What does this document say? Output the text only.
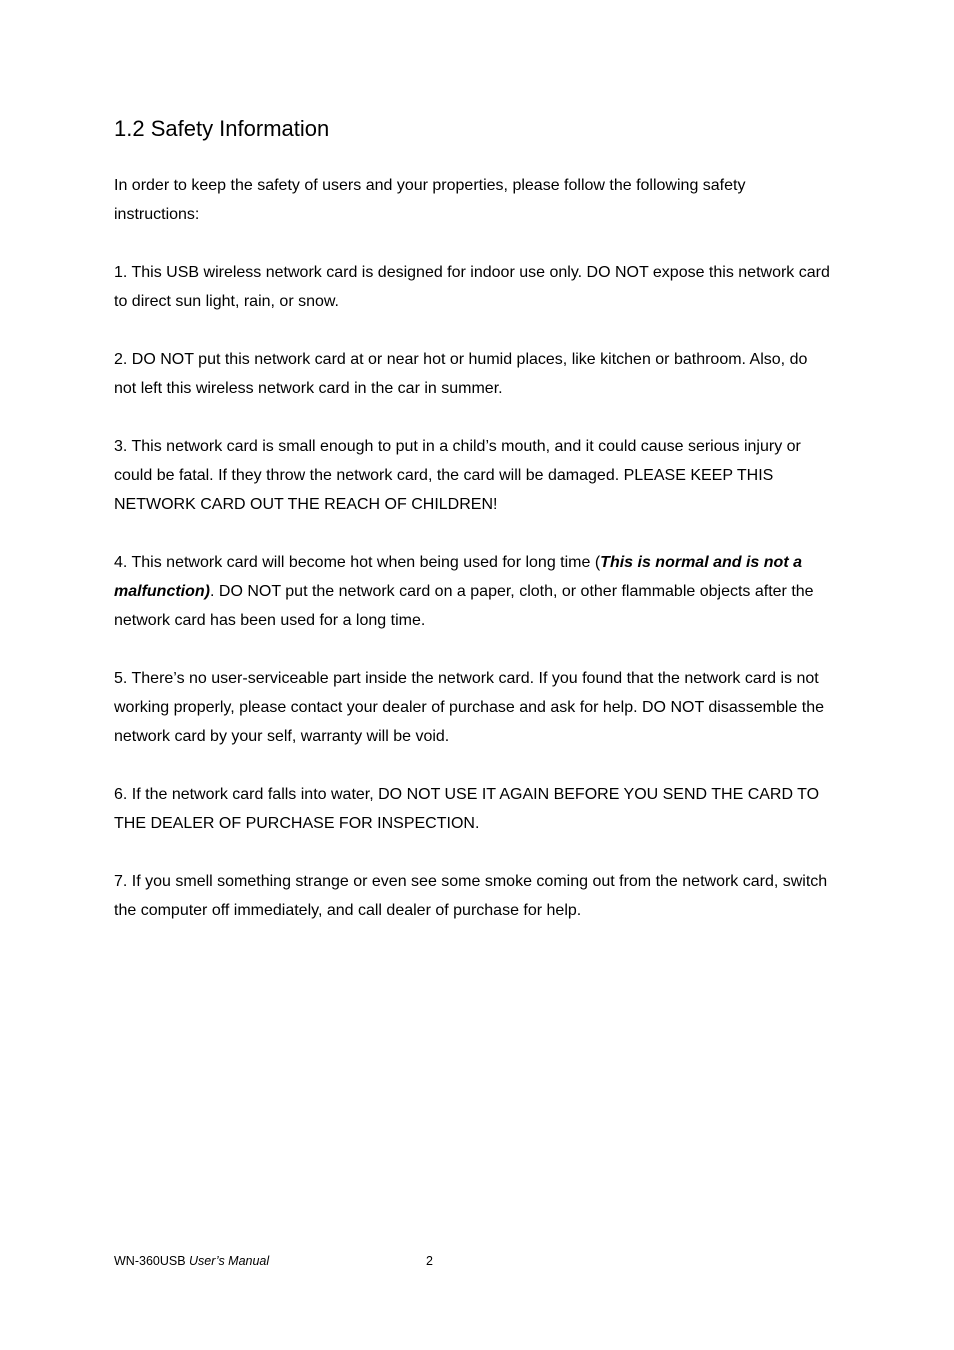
1.2 Safety Information

In order to keep the safety of users and your properties, please follow the following safety instructions:

1. This USB wireless network card is designed for indoor use only. DO NOT expose this network card to direct sun light, rain, or snow.

2. DO NOT put this network card at or near hot or humid places, like kitchen or bathroom. Also, do not left this wireless network card in the car in summer.

3. This network card is small enough to put in a child’s mouth, and it could cause serious injury or could be fatal. If they throw the network card, the card will be damaged. PLEASE KEEP THIS NETWORK CARD OUT THE REACH OF CHILDREN!

4. This network card will become hot when being used for long time (This is normal and is not a malfunction). DO NOT put the network card on a paper, cloth, or other flammable objects after the network card has been used for a long time.

5. There’s no user-serviceable part inside the network card. If you found that the network card is not working properly, please contact your dealer of purchase and ask for help. DO NOT disassemble the network card by your self, warranty will be void.

6. If the network card falls into water, DO NOT USE IT AGAIN BEFORE YOU SEND THE CARD TO THE DEALER OF PURCHASE FOR INSPECTION.

7. If you smell something strange or even see some smoke coming out from the network card, switch the computer off immediately, and call dealer of purchase for help.

WN-360USB User’s Manual	2
